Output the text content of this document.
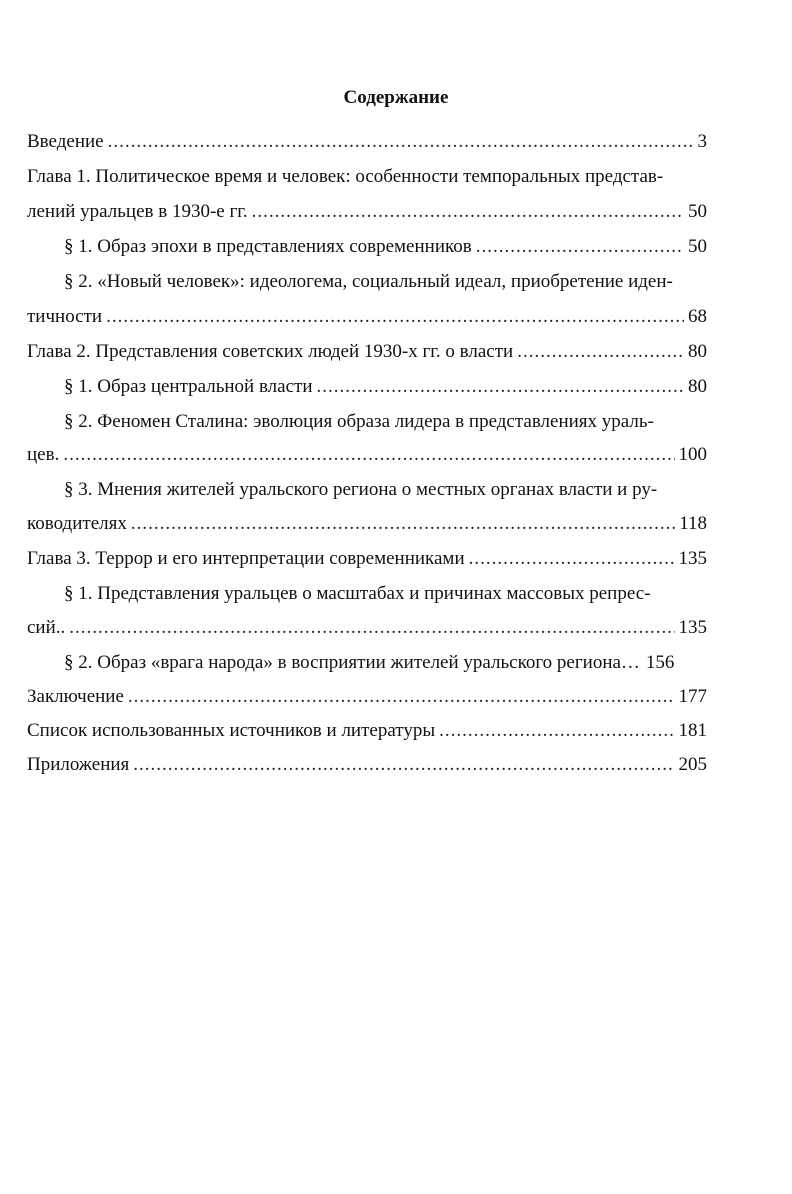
Содержание
Введение .....	3
Глава 1. Политическое время и человек: особенности темпоральных представ-
лений уральцев в 1930-е гг. .....	50
§ 1. Образ эпохи в представлениях современников .....	50
§ 2. «Новый человек»: идеологема, социальный идеал, приобретение иден-
тичности .....	68
Глава 2. Представления советских людей 1930-х гг. о власти .....	80
§ 1. Образ центральной власти .....	80
§ 2. Феномен Сталина: эволюция образа лидера в представлениях ураль-
цев. .....	100
§ 3. Мнения жителей уральского региона о местных органах власти и ру-
ководителях .....	118
Глава 3. Террор и его интерпретации современниками .....	135
§ 1. Представления уральцев о масштабах и причинах массовых репрес-
сий.. .....	135
§ 2. Образ «врага народа» в восприятии жителей уральского региона… 156
Заключение .....	177
Список использованных источников и литературы .....	181
Приложения .....	205
